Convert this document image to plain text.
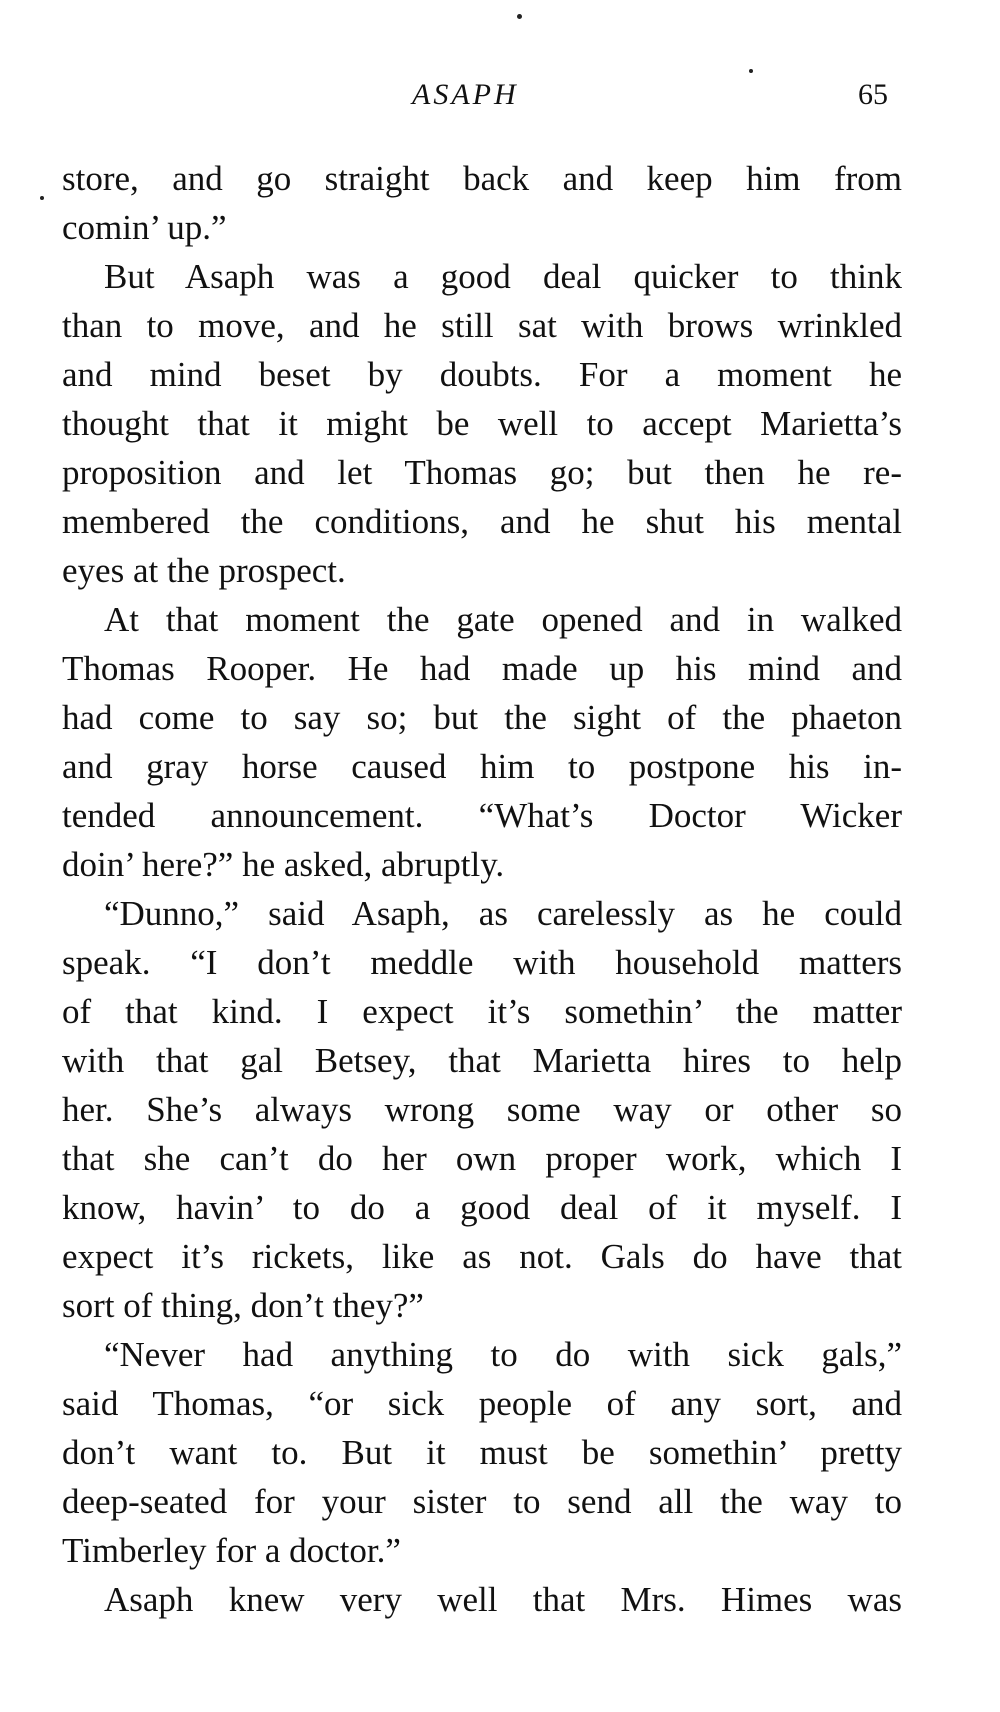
ASAPH	65
store, and go straight back and keep him from
comin’ up.”
But Asaph was a good deal quicker to think
than to move, and he still sat with brows wrinkled
and mind beset by doubts. For a moment he
thought that it might be well to accept Marietta’s
proposition and let Thomas go; but then he re-
membered the conditions, and he shut his mental
eyes at the prospect.
At that moment the gate opened and in walked
Thomas Rooper. He had made up his mind and
had come to say so; but the sight of the phaeton
and gray horse caused him to postpone his in-
tended announcement. “What’s Doctor Wicker
doin’ here?” he asked, abruptly.
“Dunno,” said Asaph, as carelessly as he could
speak. “I don’t meddle with household matters
of that kind. I expect it’s somethin’ the matter
with that gal Betsey, that Marietta hires to help
her. She’s always wrong some way or other so
that she can’t do her own proper work, which I
know, havin’ to do a good deal of it myself. I
expect it’s rickets, like as not. Gals do have that
sort of thing, don’t they?”
“Never had anything to do with sick gals,”
said Thomas, “or sick people of any sort, and
don’t want to. But it must be somethin’ pretty
deep-seated for your sister to send all the way to
Timberley for a doctor.”
Asaph knew very well that Mrs. Himes was
